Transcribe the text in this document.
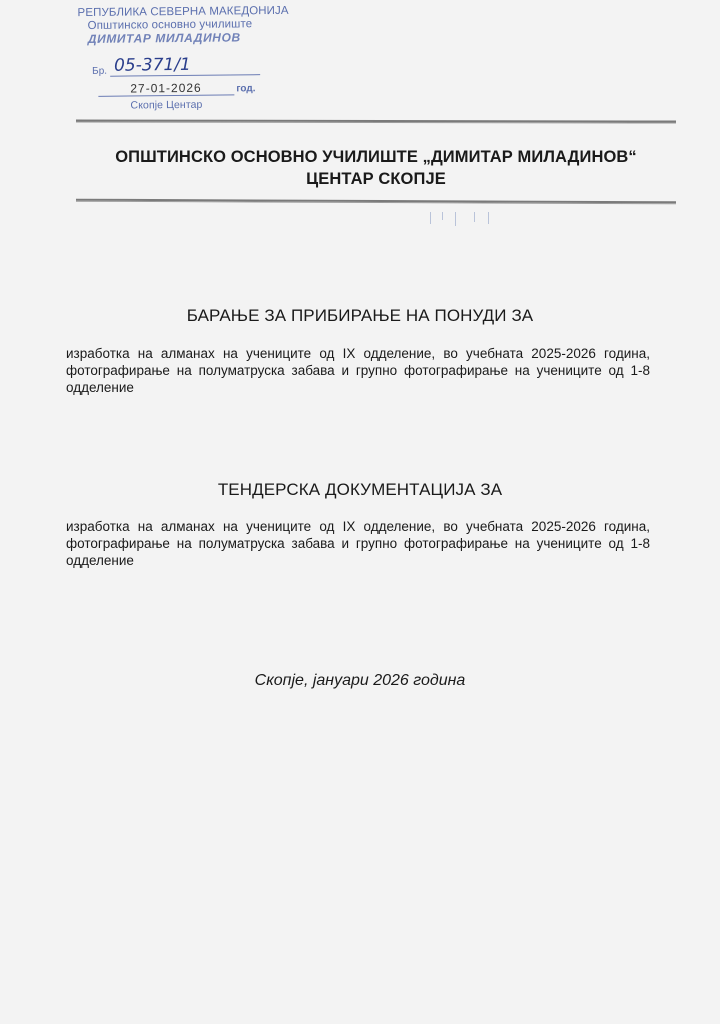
РЕПУБЛИКА СЕВЕРНА МАКЕДОНИЈА
Општинско основно училиште
ДИМИТАР МИЛАДИНОВ
Бр. 05-371/1
27-01-2026	год.
Скопје Центар
ОПШТИНСКО ОСНОВНО УЧИЛИШТЕ „ДИМИТАР МИЛАДИНОВ“
ЦЕНТАР СКОПЈЕ
БАРАЊЕ ЗА ПРИБИРАЊЕ НА ПОНУДИ ЗА
изработка на алманах на учениците од IX одделение, во учебната 2025-2026 година, фотографирање на полуматруска забава и групно фотографирање на учениците од 1-8 одделение
ТЕНДЕРСКА ДОКУМЕНТАЦИЈА ЗА
изработка на алманах на учениците од IX одделение, во учебната 2025-2026 година, фотографирање на полуматруска забава и групно фотографирање на учениците од 1-8 одделение
Скопје, јануари 2026 година
